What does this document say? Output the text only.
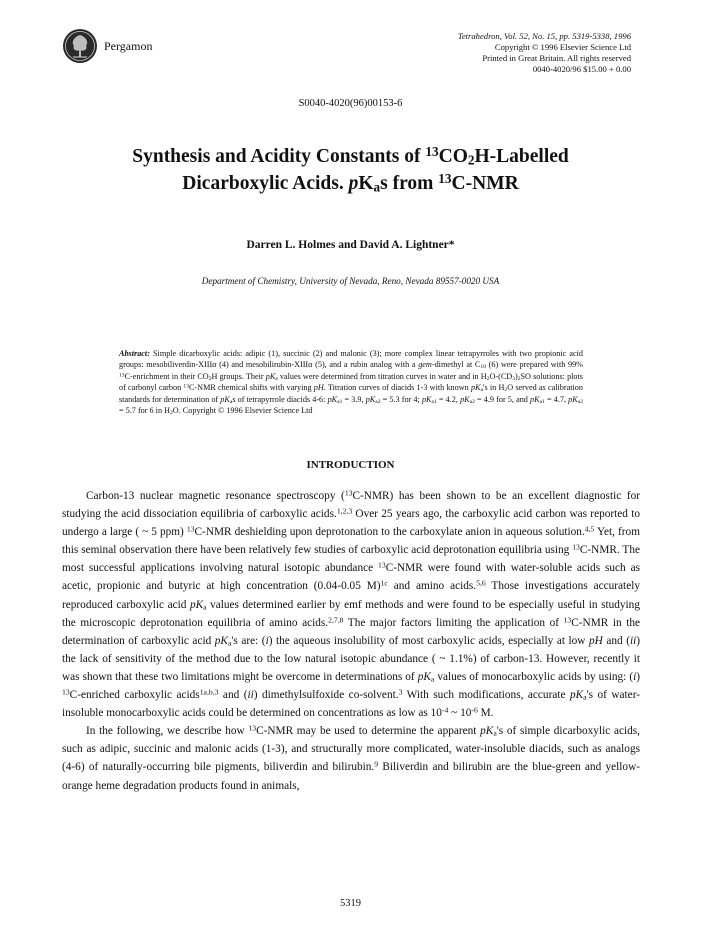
Pergamon
Tetrahedron, Vol. 52, No. 15, pp. 5319-5338, 1996
Copyright © 1996 Elsevier Science Ltd
Printed in Great Britain. All rights reserved
0040-4020/96 $15.00 + 0.00
S0040-4020(96)00153-6
Synthesis and Acidity Constants of $^{13}CO_2H$-Labelled
Dicarboxylic Acids. $pK_as$ from $^{13}$C-NMR
Darren L. Holmes and David A. Lightner*
Department of Chemistry, University of Nevada, Reno, Nevada 89557-0020 USA
Abstract: Simple dicarboxylic acids: adipic (1), succinic (2) and malonic (3); more complex linear tetrapyrroles with two propionic acid groups: mesobiliverdin-XIIIα (4) and mesobilirubin-XIIIα (5), and a rubin analog with a gem-dimethyl at $C_{10}$ (6) were prepared with 99% $^{13}$C-enrichment in their $CO_2H$ groups. Their $pK_a$ values were determined from titration curves in water and in $H_2O-(CD_3)_2SO$ solutions: plots of carbonyl carbon $^{13}$C-NMR chemical shifts with varying pH. Titration curves of diacids 1-3 with known $pK_a's$ in $H_2O$ served as calibration standards for determination of $pK_as$ of tetrapyrrole diacids 4-6: $pK_{a1} = 3.9$, $pK_{a2} = 5.3$ for 4; $pK_{a1} = 4.2$, $pK_{a2} = 4.9$ for 5, and $pK_{a1} = 4.7$, $pK_{a2} = 5.7$ for 6 in $H_2O$. Copyright © 1996 Elsevier Science Ltd
INTRODUCTION

Carbon-13 nuclear magnetic resonance spectroscopy ($^{13}$C-NMR) has been shown to be an excellent diagnostic for studying the acid dissociation equilibria of carboxylic acids.$^{1,2,3}$ Over 25 years ago, the carboxylic acid carbon was reported to undergo a large ( ~ 5 ppm) $^{13}$C-NMR deshielding upon deprotonation to the carboxylate anion in aqueous solution.$^{4,5}$ Yet, from this seminal observation there have been relatively few studies of carboxylic acid deprotonation equilibria using $^{13}$C-NMR. The most successful applications involving natural isotopic abundance $^{13}$C-NMR were found with water-soluble acids such as acetic, propionic and butyric at high concentration (0.04-0.05 M)$^{1c}$ and amino acids.$^{5,6}$ Those investigations accurately reproduced carboxylic acid $pK_a$ values determined earlier by emf methods and were found to be especially useful in studying the microscopic deprotonation equilibria of amino acids.$^{2,7,8}$ The major factors limiting the application of $^{13}$C-NMR in the determination of carboxylic acid $pK_a's$ are: (i) the aqueous insolubility of most carboxylic acids, especially at low pH and (ii) the lack of sensitivity of the method due to the low natural isotopic abundance ( ~ 1.1%) of carbon-13. However, recently it was shown that these two limitations might be overcome in determinations of $pK_a$ values of monocarboxylic acids by using: (i) $^{13}$C-enriched carboxylic acids$^{1a,b,3}$ and (ii) dimethylsulfoxide co-solvent.$^3$ With such modifications, accurate $pK_a's$ of water-insoluble monocarboxylic acids could be determined on concentrations as low as $10^{-4}$ ~ $10^{-6}$ M.

In the following, we describe how $^{13}$C-NMR may be used to determine the apparent $pK_a's$ of simple dicarboxylic acids, such as adipic, succinic and malonic acids (1-3), and structurally more complicated, water-insoluble diacids, such as analogs (4-6) of naturally-occurring bile pigments, biliverdin and bilirubin.$^9$ Biliverdin and bilirubin are the blue-green and yellow-orange heme degradation products found in animals,

5319
